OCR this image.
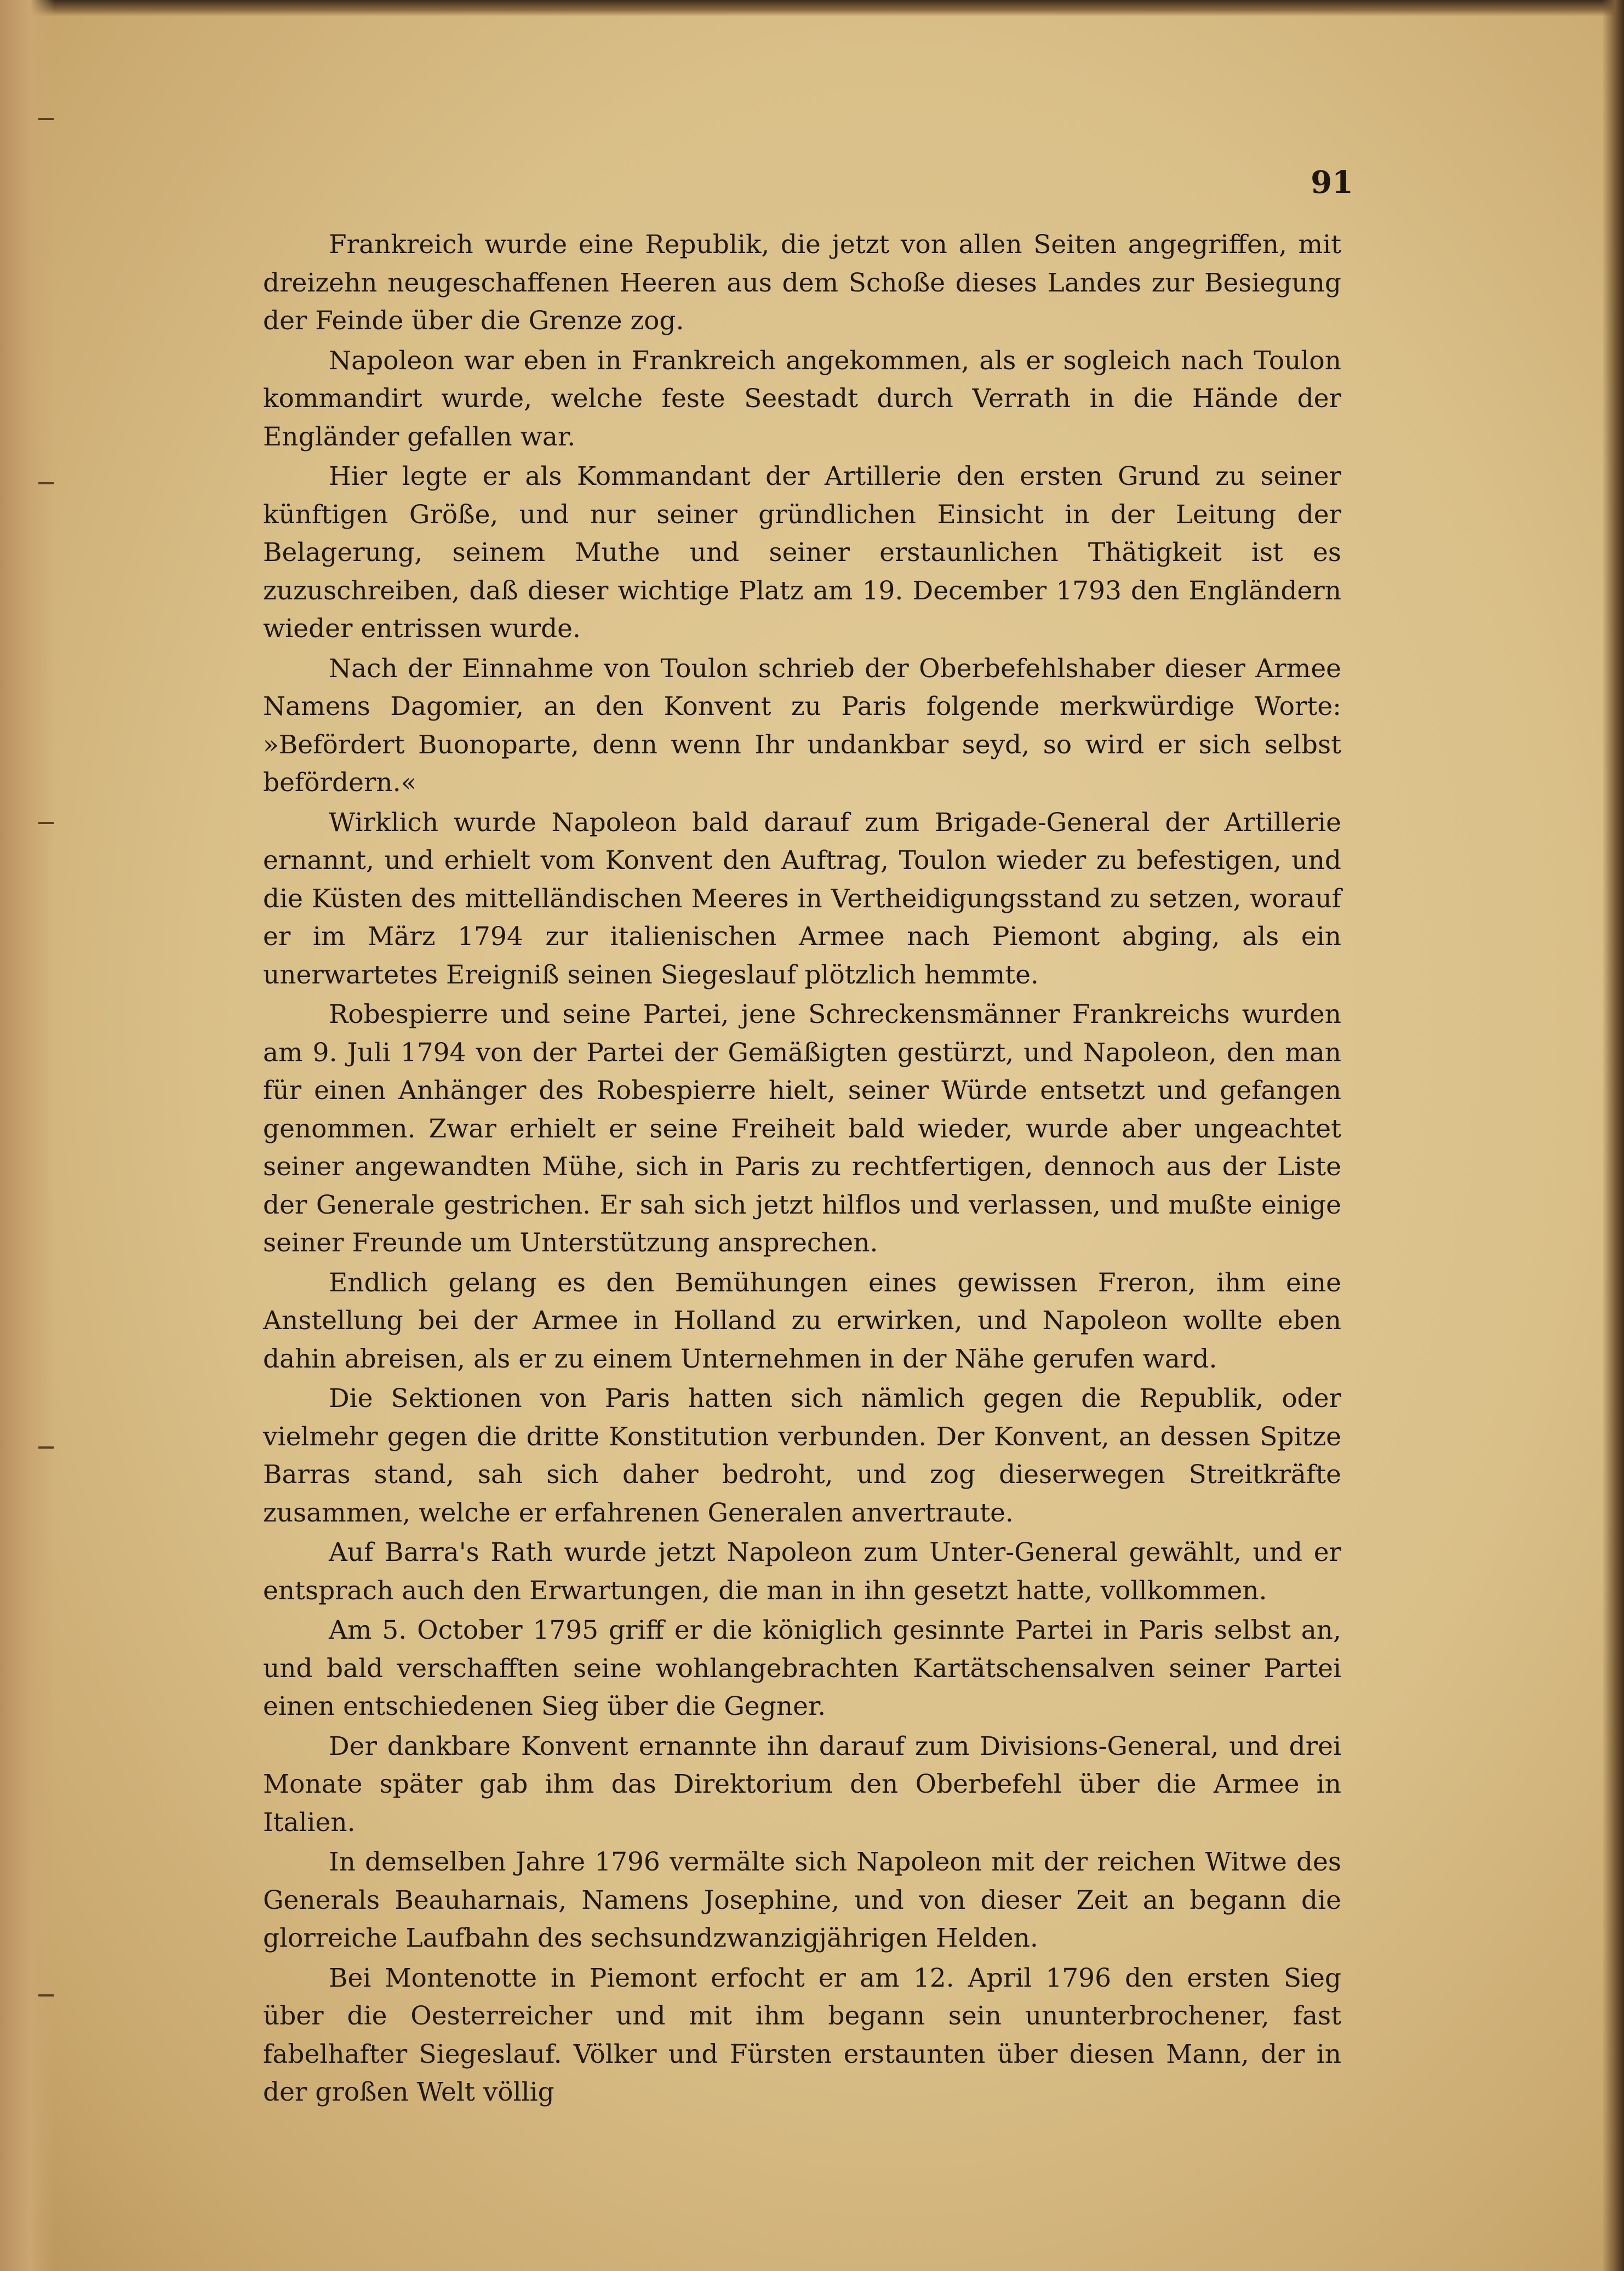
91

Frankreich wurde eine Republik, die jetzt von allen Seiten angegriffen, mit dreizehn neugeschaffenen Heeren aus dem Schoße dieses Landes zur Besiegung der Feinde über die Grenze zog.

Napoleon war eben in Frankreich angekommen, als er sogleich nach Toulon kommandirt wurde, welche feste Seestadt durch Verrath in die Hände der Engländer gefallen war.

Hier legte er als Kommandant der Artillerie den ersten Grund zu seiner künftigen Größe, und nur seiner gründlichen Einsicht in der Leitung der Belagerung, seinem Muthe und seiner erstaunlichen Thätigkeit ist es zuzuschreiben, daß dieser wichtige Platz am 19. December 1793 den Engländern wieder entrissen wurde.

Nach der Einnahme von Toulon schrieb der Oberbefehlshaber dieser Armee Namens Dagomier, an den Konvent zu Paris folgende merkwürdige Worte: »Befördert Buonoparte, denn wenn Ihr undankbar seyd, so wird er sich selbst befördern.«

Wirklich wurde Napoleon bald darauf zum Brigade-General der Artillerie ernannt, und erhielt vom Konvent den Auftrag, Toulon wieder zu befestigen, und die Küsten des mittelländischen Meeres in Vertheidigungsstand zu setzen, worauf er im März 1794 zur italienischen Armee nach Piemont abging, als ein unerwartetes Ereigniß seinen Siegeslauf plötzlich hemmte.

Robespierre und seine Partei, jene Schreckensmänner Frankreichs wurden am 9. Juli 1794 von der Partei der Gemäßigten gestürzt, und Napoleon, den man für einen Anhänger des Robespierre hielt, seiner Würde entsetzt und gefangen genommen. Zwar erhielt er seine Freiheit bald wieder, wurde aber ungeachtet seiner angewandten Mühe, sich in Paris zu rechtfertigen, dennoch aus der Liste der Generale gestrichen. Er sah sich jetzt hilflos und verlassen, und mußte einige seiner Freunde um Unterstützung ansprechen.

Endlich gelang es den Bemühungen eines gewissen Freron, ihm eine Anstellung bei der Armee in Holland zu erwirken, und Napoleon wollte eben dahin abreisen, als er zu einem Unternehmen in der Nähe gerufen ward.

Die Sektionen von Paris hatten sich nämlich gegen die Republik, oder vielmehr gegen die dritte Konstitution verbunden. Der Konvent, an dessen Spitze Barras stand, sah sich daher bedroht, und zog dieserwegen Streitkräfte zusammen, welche er erfahrenen Generalen anvertraute.

Auf Barra's Rath wurde jetzt Napoleon zum Unter-General gewählt, und er entsprach auch den Erwartungen, die man in ihn gesetzt hatte, vollkommen.

Am 5. October 1795 griff er die königlich gesinnte Partei in Paris selbst an, und bald verschafften seine wohlangebrachten Kartätschensalven seiner Partei einen entschiedenen Sieg über die Gegner.

Der dankbare Konvent ernannte ihn darauf zum Divisions-General, und drei Monate später gab ihm das Direktorium den Oberbefehl über die Armee in Italien.

In demselben Jahre 1796 vermälte sich Napoleon mit der reichen Witwe des Generals Beauharnais, Namens Josephine, und von dieser Zeit an begann die glorreiche Laufbahn des sechsundzwanzigjährigen Helden.

Bei Montenotte in Piemont erfocht er am 12. April 1796 den ersten Sieg über die Oesterreicher und mit ihm begann sein ununterbrochener, fast fabelhafter Siegeslauf. Völker und Fürsten erstaunten über diesen Mann, der in der großen Welt völlig
